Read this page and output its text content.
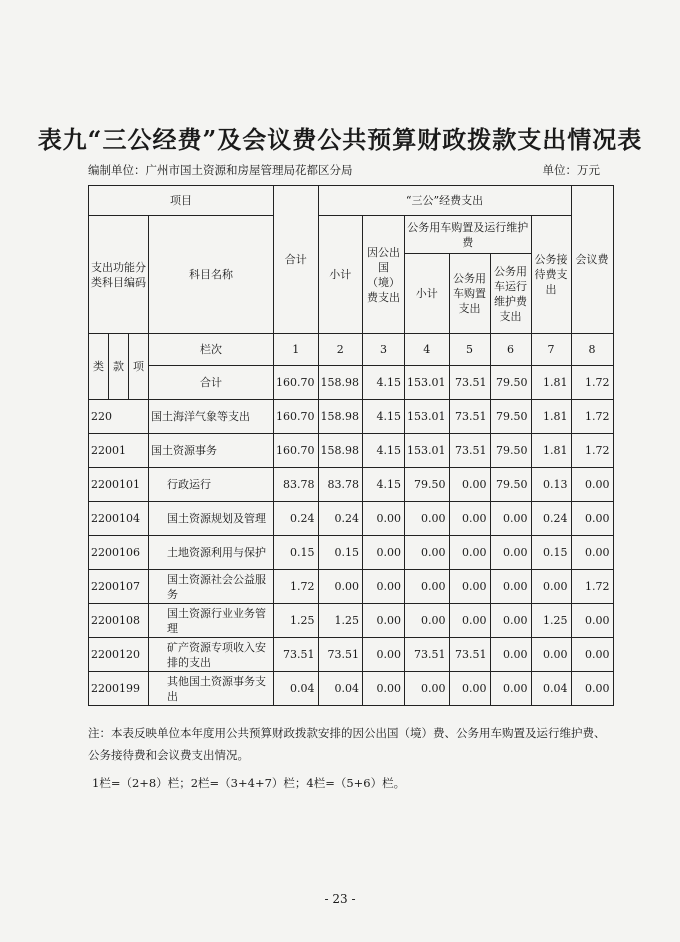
表九“三公经费”及会议费公共预算财政拨款支出情况表
编制单位：广州市国土资源和房屋管理局花都区分局	单位：万元
项目				合计	“三公”经费支出						会议费
支出功能分类科目编码			科目名称		小计	因公出国（境）费支出	公务用车购置及运行维护费			公务接待费支出	
							小计	公务用车购置支出	公务用车运行维护费支出		

类	款	项	栏次	1	2	3	4	5	6	7	8
			合计	160.70	158.98	4.15	153.01	73.51	79.50	1.81	1.72
220			国土海洋气象等支出	160.70	158.98	4.15	153.01	73.51	79.50	1.81	1.72
22001			国土资源事务	160.70	158.98	4.15	153.01	73.51	79.50	1.81	1.72
2200101			行政运行	83.78	83.78	4.15	79.50	0.00	79.50	0.13	0.00
2200104			国土资源规划及管理	0.24	0.24	0.00	0.00	0.00	0.00	0.24	0.00
2200106			土地资源利用与保护	0.15	0.15	0.00	0.00	0.00	0.00	0.15	0.00
2200107			国土资源社会公益服务	1.72	0.00	0.00	0.00	0.00	0.00	0.00	1.72
2200108			国土资源行业业务管理	1.25	1.25	0.00	0.00	0.00	0.00	1.25	0.00
2200120			矿产资源专项收入安排的支出	73.51	73.51	0.00	73.51	73.51	0.00	0.00	0.00
2200199			其他国土资源事务支出	0.04	0.04	0.00	0.00	0.00	0.00	0.04	0.00
注：本表反映单位本年度用公共预算财政拨款安排的因公出国（境）费、公务用车购置及运行维护费、公务接待费和会议费支出情况。
1栏=（2+8）栏；2栏=（3+4+7）栏；4栏=（5+6）栏。
- 23 -
